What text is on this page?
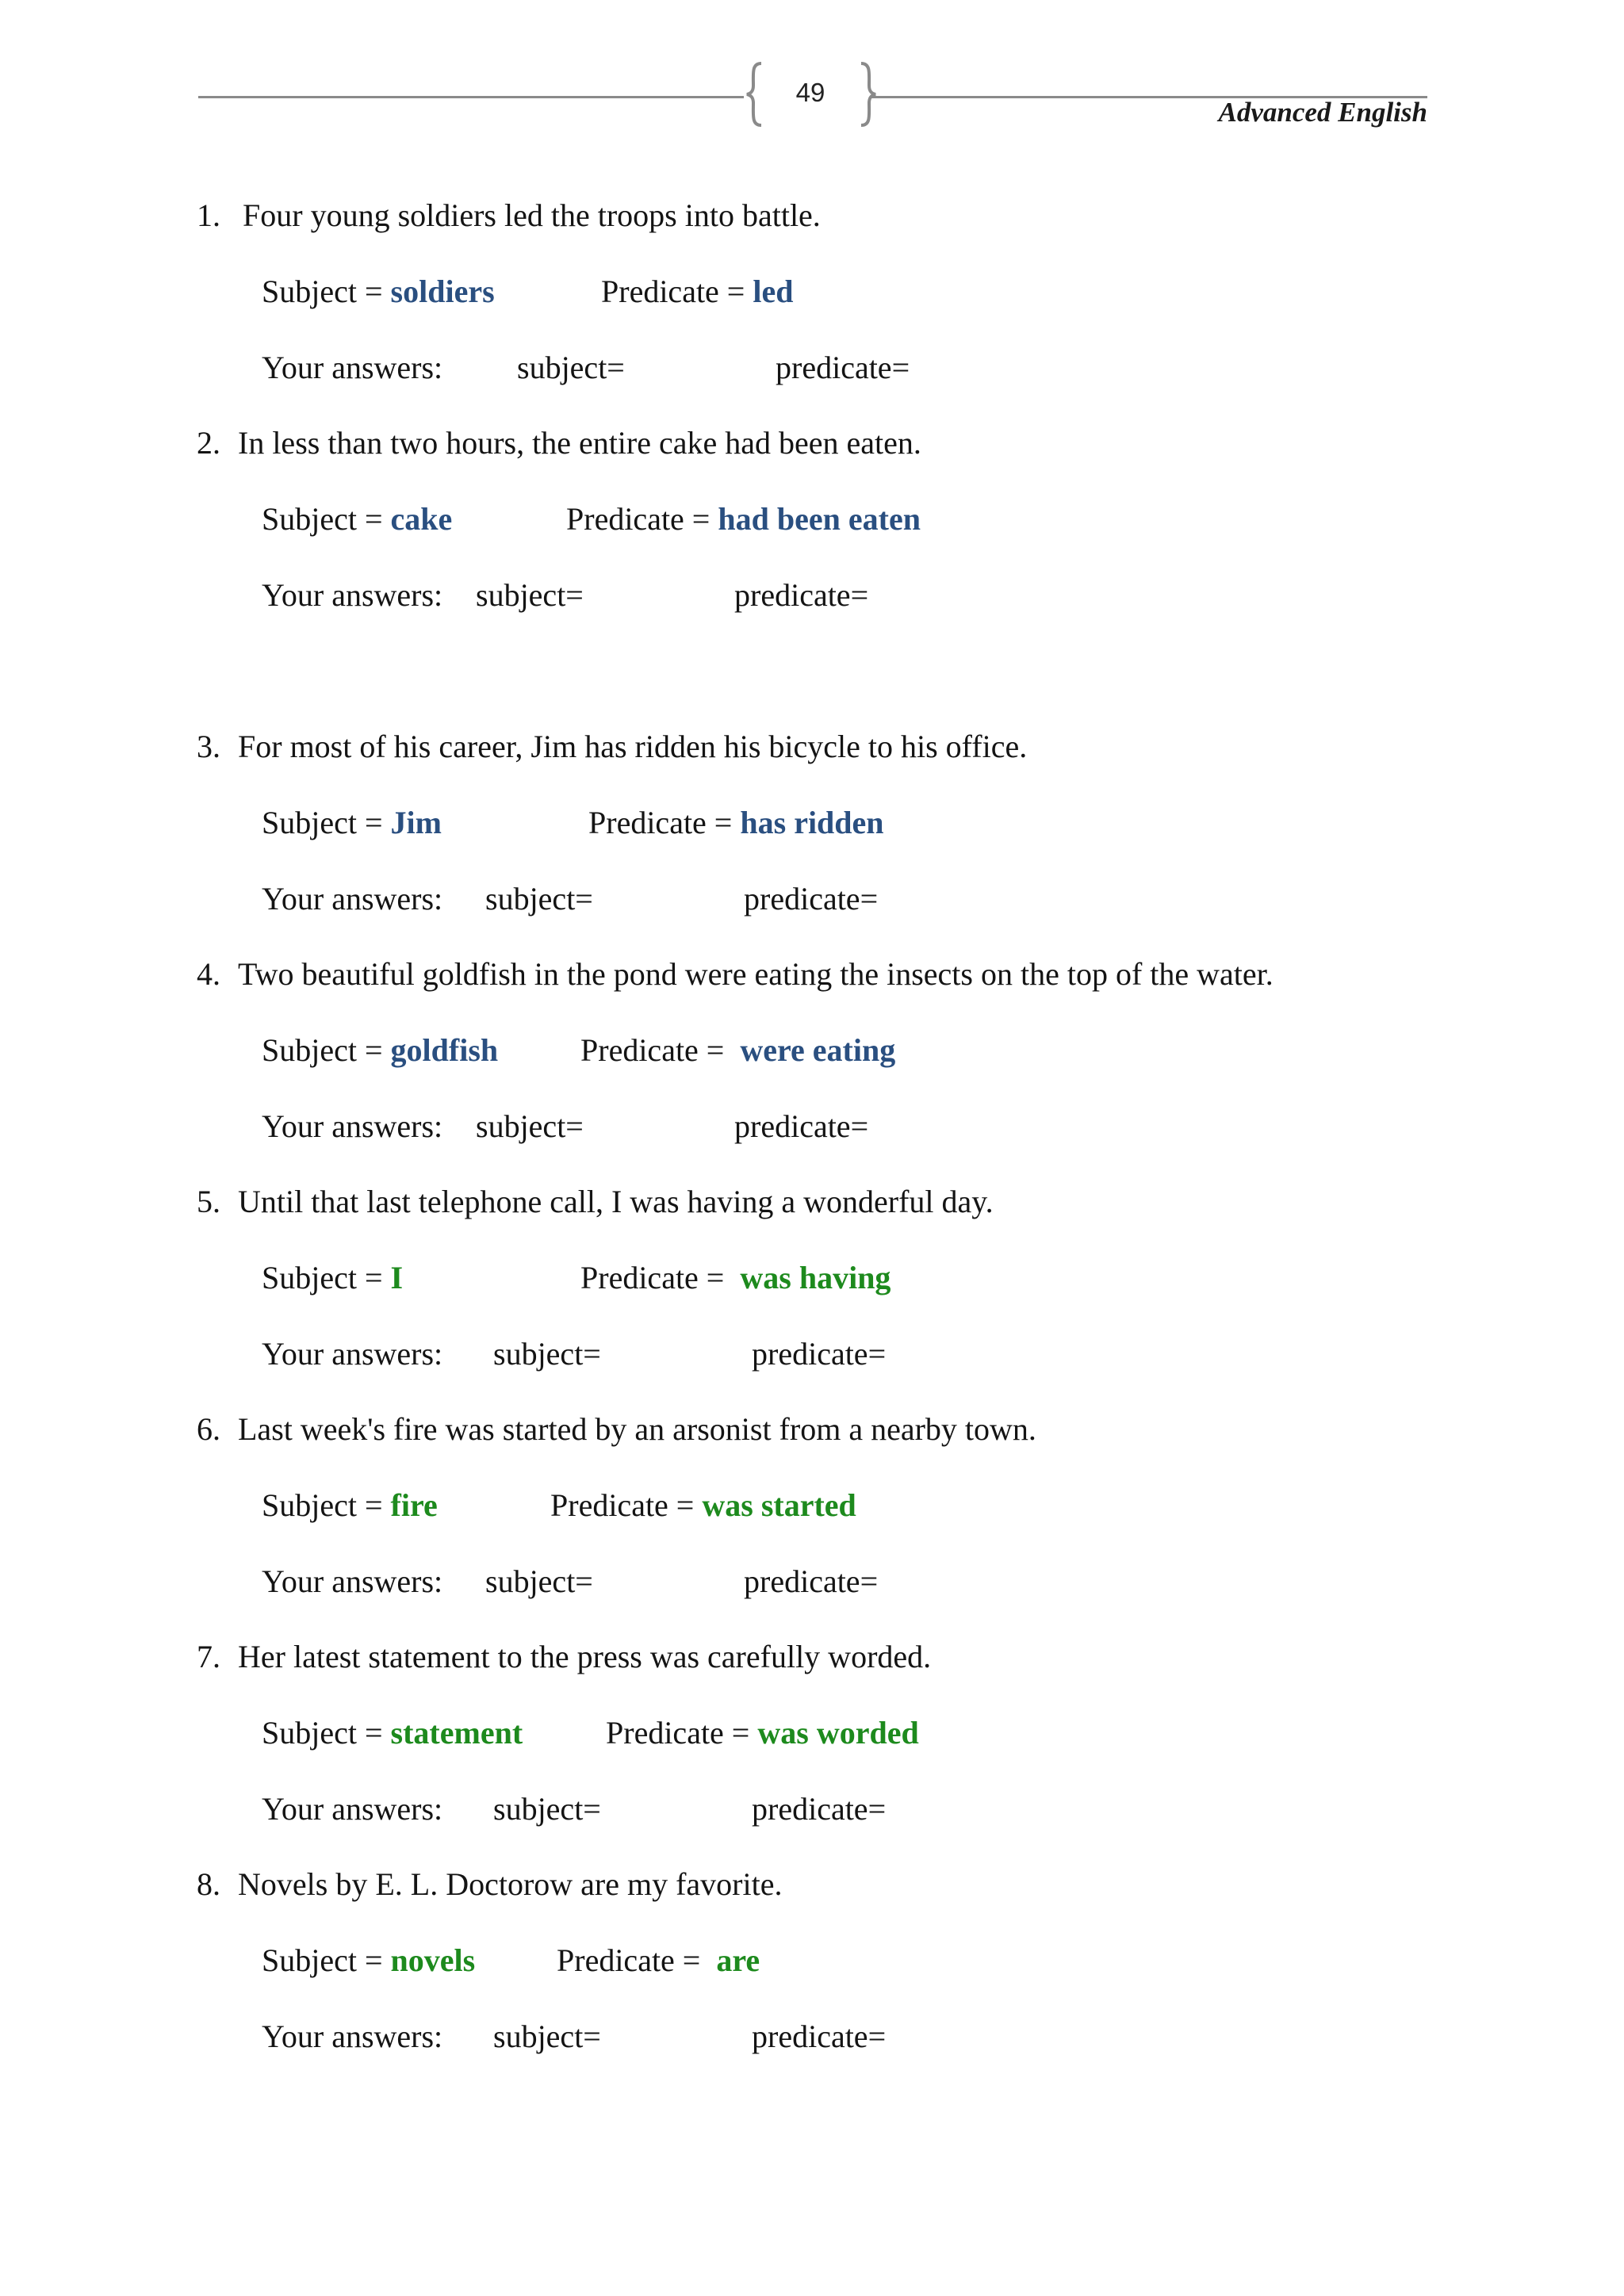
49
Advanced English
1. Four young soldiers led the troops into battle.
Subject = soldiers	Predicate = led
Your answers: subject=	predicate=
2. In less than two hours, the entire cake had been eaten.
Subject = cake	Predicate = had been eaten
Your answers: subject=	predicate=
3. For most of his career, Jim has ridden his bicycle to his office.
Subject = Jim	Predicate = has ridden
Your answers: subject=	predicate=
4. Two beautiful goldfish in the pond were eating the insects on the top of the water.
Subject = goldfish	Predicate = were eating
Your answers: subject=	predicate=
5. Until that last telephone call, I was having a wonderful day.
Subject = I	Predicate = was having
Your answers: subject=	predicate=
6. Last week's fire was started by an arsonist from a nearby town.
Subject = fire	Predicate = was started
Your answers: subject=	predicate=
7. Her latest statement to the press was carefully worded.
Subject = statement	Predicate = was worded
Your answers: subject=	predicate=
8. Novels by E. L. Doctorow are my favorite.
Subject = novels	Predicate = are
Your answers: subject=	predicate=
